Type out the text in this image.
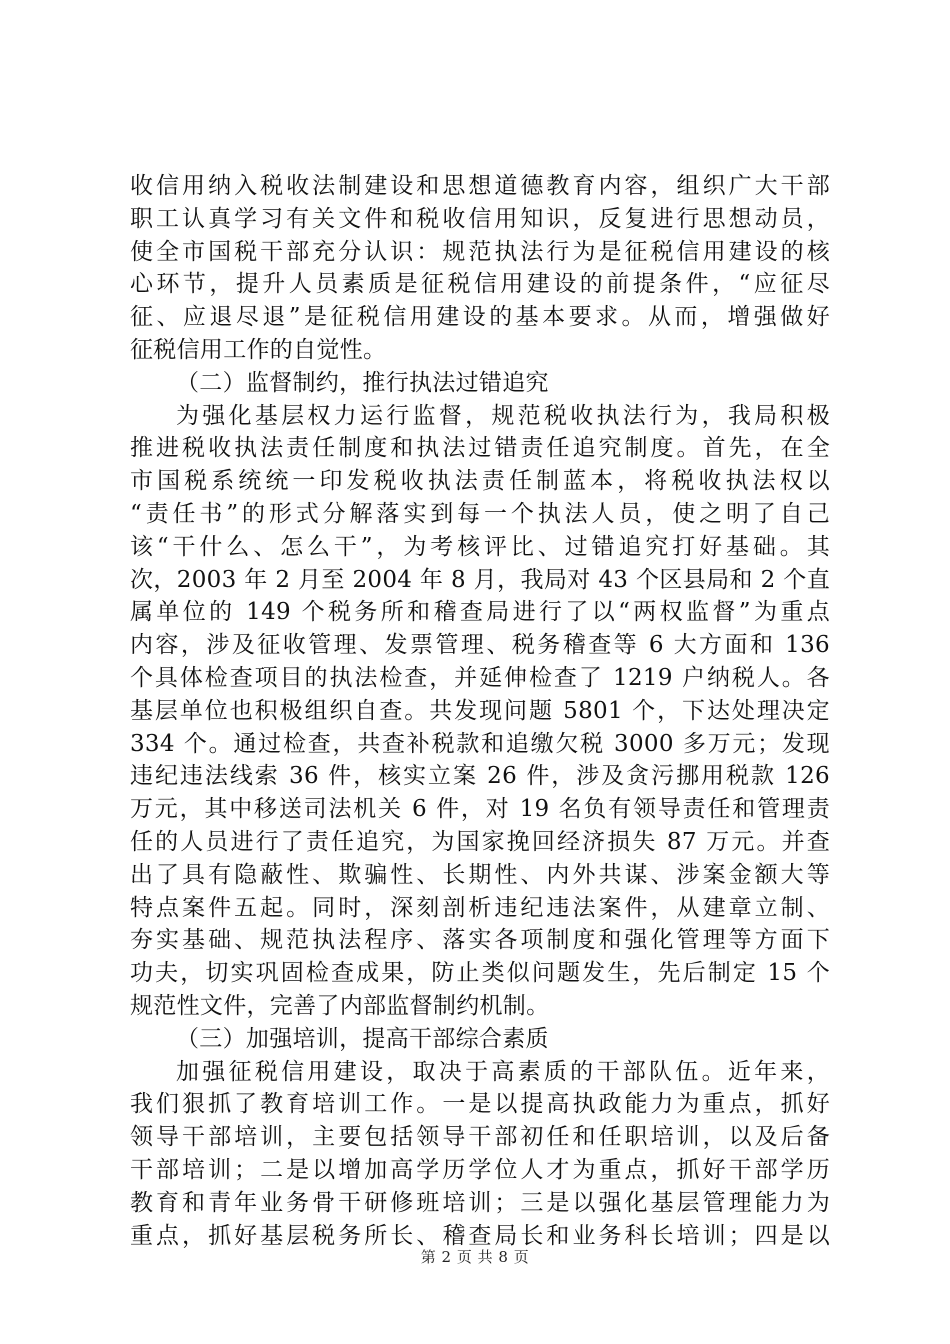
收信用纳入税收法制建设和思想道德教育内容，组织广大干部
职工认真学习有关文件和税收信用知识，反复进行思想动员，
使全市国税干部充分认识：规范执法行为是征税信用建设的核
心环节，提升人员素质是征税信用建设的前提条件，“应征尽
征、应退尽退”是征税信用建设的基本要求。从而，增强做好
征税信用工作的自觉性。
（二）监督制约，推行执法过错追究
为强化基层权力运行监督，规范税收执法行为，我局积极
推进税收执法责任制度和执法过错责任追究制度。首先，在全
市国税系统统一印发税收执法责任制蓝本，将税收执法权以
“责任书”的形式分解落实到每一个执法人员，使之明了自己
该“干什么、怎么干”，为考核评比、过错追究打好基础。其
次，2003 年 2 月至 2004 年 8 月，我局对 43 个区县局和 2 个直
属单位的 149 个税务所和稽查局进行了以“两权监督”为重点
内容，涉及征收管理、发票管理、税务稽查等 6 大方面和 136
个具体检查项目的执法检查，并延伸检查了 1219 户纳税人。各
基层单位也积极组织自查。共发现问题 5801 个，下达处理决定
334 个。通过检查，共查补税款和追缴欠税 3000 多万元；发现
违纪违法线索 36 件，核实立案 26 件，涉及贪污挪用税款 126
万元，其中移送司法机关 6 件，对 19 名负有领导责任和管理责
任的人员进行了责任追究，为国家挽回经济损失 87 万元。并查
出了具有隐蔽性、欺骗性、长期性、内外共谋、涉案金额大等
特点案件五起。同时，深刻剖析违纪违法案件，从建章立制、
夯实基础、规范执法程序、落实各项制度和强化管理等方面下
功夫，切实巩固检查成果，防止类似问题发生，先后制定 15 个
规范性文件，完善了内部监督制约机制。
（三）加强培训，提高干部综合素质
加强征税信用建设，取决于高素质的干部队伍。近年来，
我们狠抓了教育培训工作。一是以提高执政能力为重点，抓好
领导干部培训，主要包括领导干部初任和任职培训，以及后备
干部培训；二是以增加高学历学位人才为重点，抓好干部学历
教育和青年业务骨干研修班培训；三是以强化基层管理能力为
重点，抓好基层税务所长、稽查局长和业务科长培训；四是以
第 2 页 共 8 页
